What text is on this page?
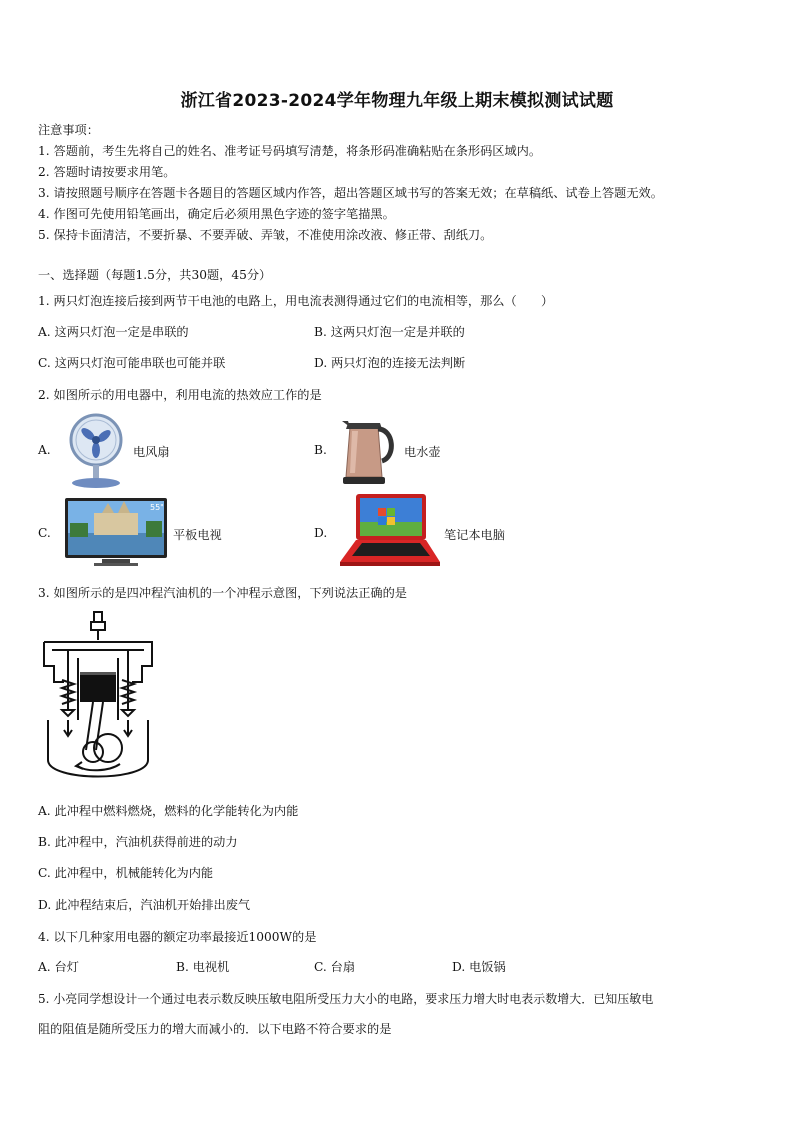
浙江省2023-2024学年物理九年级上期末模拟测试试题
注意事项：
1. 答题前，考生先将自己的姓名、准考证号码填写清楚，将条形码准确粘贴在条形码区域内。
2. 答题时请按要求用笔。
3. 请按照题号顺序在答题卡各题目的答题区域内作答，超出答题区域书写的答案无效；在草稿纸、试卷上答题无效。
4. 作图可先使用铅笔画出，确定后必须用黑色字迹的签字笔描黑。
5. 保持卡面清洁，不要折暴、不要弄破、弄皱，不准使用涂改液、修正带、刮纸刀。
一、选择题（每题1.5分，共30题，45分）
1. 两只灯泡连接后接到两节干电池的电路上，用电流表测得通过它们的电流相等，那么（　　）
A. 这两只灯泡一定是串联的	B. 这两只灯泡一定是并联的
C. 这两只灯泡可能串联也可能并联	D. 两只灯泡的连接无法判断
2. 如图所示的用电器中，利用电流的热效应工作的是
A.	电风扇	B.	电水壶
C.
55"
平板电视	D.	笔记本电脑
3. 如图所示的是四冲程汽油机的一个冲程示意图，下列说法正确的是
A. 此冲程中燃料燃烧，燃料的化学能转化为内能
B. 此冲程中，汽油机获得前进的动力
C. 此冲程中，机械能转化为内能
D. 此冲程结束后，汽油机开始排出废气
4. 以下几种家用电器的额定功率最接近1000W的是
A. 台灯	B. 电视机	C. 台扇	D. 电饭锅
5. 小亮同学想设计一个通过电表示数反映压敏电阻所受压力大小的电路，要求压力增大时电表示数增大．已知压敏电
阻的阻值是随所受压力的增大而减小的．以下电路不符合要求的是
